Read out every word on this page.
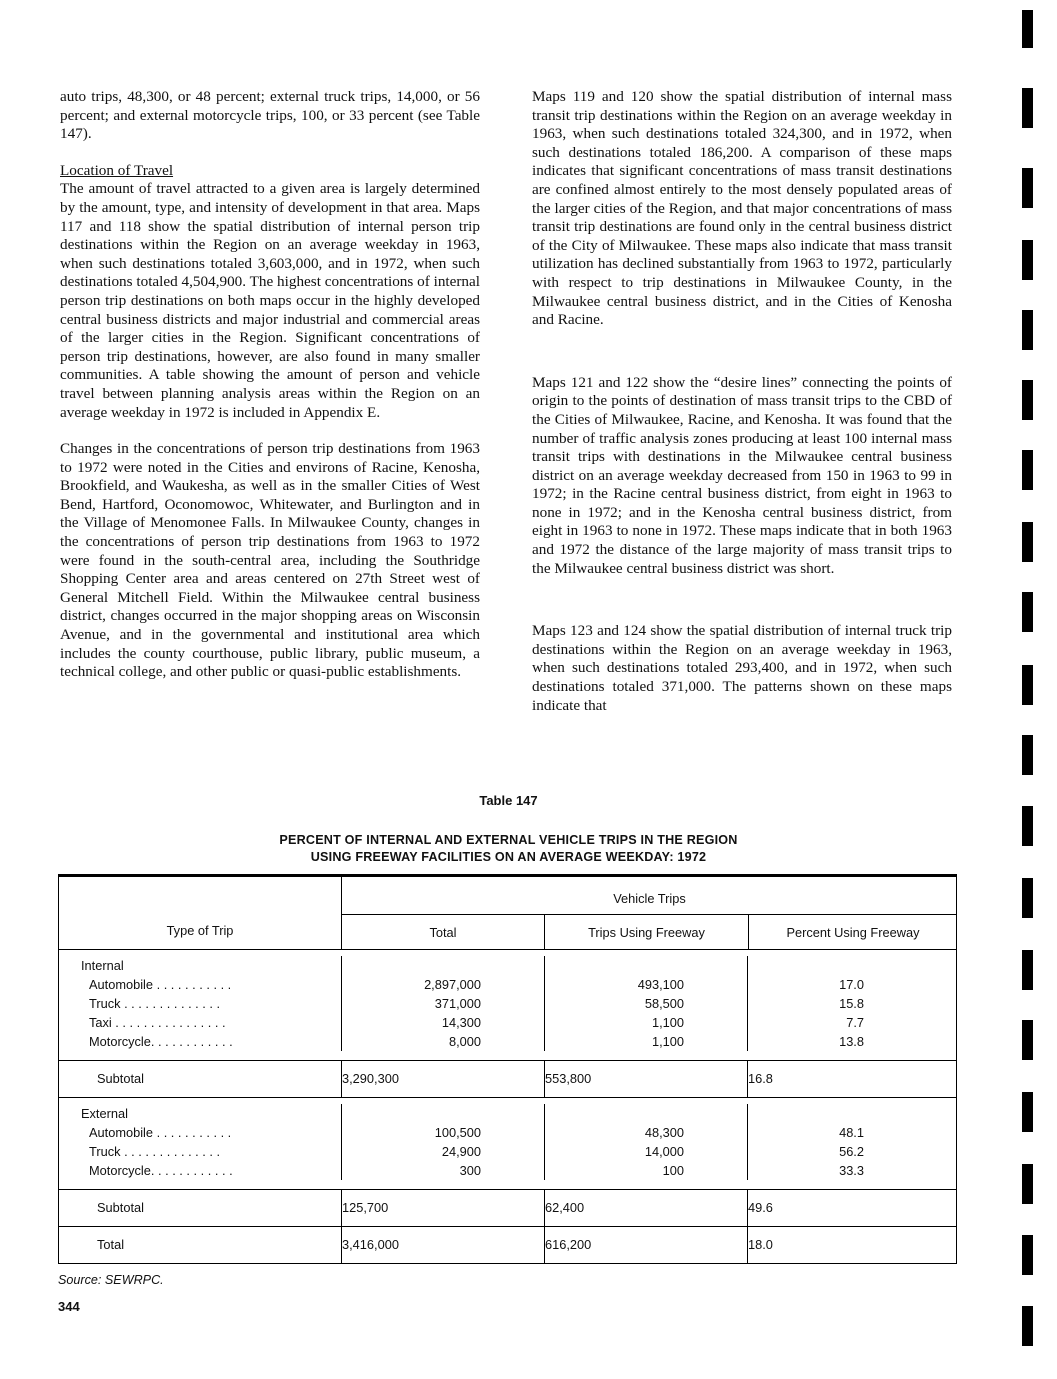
auto trips, 48,300, or 48 percent; external truck trips, 14,000, or 56 percent; and external motorcycle trips, 100, or 33 percent (see Table 147).

Location of Travel

The amount of travel attracted to a given area is largely determined by the amount, type, and intensity of development in that area. Maps 117 and 118 show the spatial distribution of internal person trip destinations within the Region on an average weekday in 1963, when such destinations totaled 3,603,000, and in 1972, when such destinations totaled 4,504,900. The highest concentrations of internal person trip destinations on both maps occur in the highly developed central business districts and major industrial and commercial areas of the larger cities in the Region. Significant concentrations of person trip destinations, however, are also found in many smaller communities. A table showing the amount of person and vehicle travel between planning analysis areas within the Region on an average weekday in 1972 is included in Appendix E.

Changes in the concentrations of person trip destinations from 1963 to 1972 were noted in the Cities and environs of Racine, Kenosha, Brookfield, and Waukesha, as well as in the smaller Cities of West Bend, Hartford, Oconomowoc, Whitewater, and Burlington and in the Village of Menomonee Falls. In Milwaukee County, changes in the concentrations of person trip destinations from 1963 to 1972 were found in the south-central area, including the Southridge Shopping Center area and areas centered on 27th Street west of General Mitchell Field. Within the Milwaukee central business district, changes occurred in the major shopping areas on Wisconsin Avenue, and in the governmental and institutional area which includes the county courthouse, public library, public museum, a technical college, and other public or quasi-public establishments.

Maps 119 and 120 show the spatial distribution of internal mass transit trip destinations within the Region on an average weekday in 1963, when such destinations totaled 324,300, and in 1972, when such destinations totaled 186,200. A comparison of these maps indicates that significant concentrations of mass transit destinations are confined almost entirely to the most densely populated areas of the larger cities of the Region, and that major concentrations of mass transit trip destinations are found only in the central business district of the City of Milwaukee. These maps also indicate that mass transit utilization has declined substantially from 1963 to 1972, particularly with respect to trip destinations in Milwaukee County, in the Milwaukee central business district, and in the Cities of Kenosha and Racine.

Maps 121 and 122 show the “desire lines” connecting the points of origin to the points of destination of mass transit trips to the CBD of the Cities of Milwaukee, Racine, and Kenosha. It was found that the number of traffic analysis zones producing at least 100 internal mass transit trips with destinations in the Milwaukee central business district on an average weekday decreased from 150 in 1963 to 99 in 1972; in the Racine central business district, from eight in 1963 to none in 1972; and in the Kenosha central business district, from eight in 1963 to none in 1972. These maps indicate that in both 1963 and 1972 the distance of the large majority of mass transit trips to the Milwaukee central business district was short.

Maps 123 and 124 show the spatial distribution of internal truck trip destinations within the Region on an average weekday in 1963, when such destinations totaled 293,400, and in 1972, when such destinations totaled 371,000. The patterns shown on these maps indicate that

Table 147
PERCENT OF INTERNAL AND EXTERNAL VEHICLE TRIPS IN THE REGION
USING FREEWAY FACILITIES ON AN AVERAGE WEEKDAY: 1972
Type of Trip
Vehicle Trips
Total	Trips Using Freeway	Percent Using Freeway
Internal
Automobile . . . . . . . . . . .	2,897,000	493,100	17.0
Truck . . . . . . . . . . . . . .	371,000	58,500	15.8
Taxi . . . . . . . . . . . . . . . .	14,300	1,100	7.7
Motorcycle. . . . . . . . . . . .	8,000	1,100	13.8
Subtotal	3,290,300	553,800	16.8
External
Automobile . . . . . . . . . . .	100,500	48,300	48.1
Truck . . . . . . . . . . . . . .	24,900	14,000	56.2
Motorcycle. . . . . . . . . . . .	300	100	33.3
Subtotal	125,700	62,400	49.6
Total	3,416,000	616,200	18.0
Source: SEWRPC.
344
